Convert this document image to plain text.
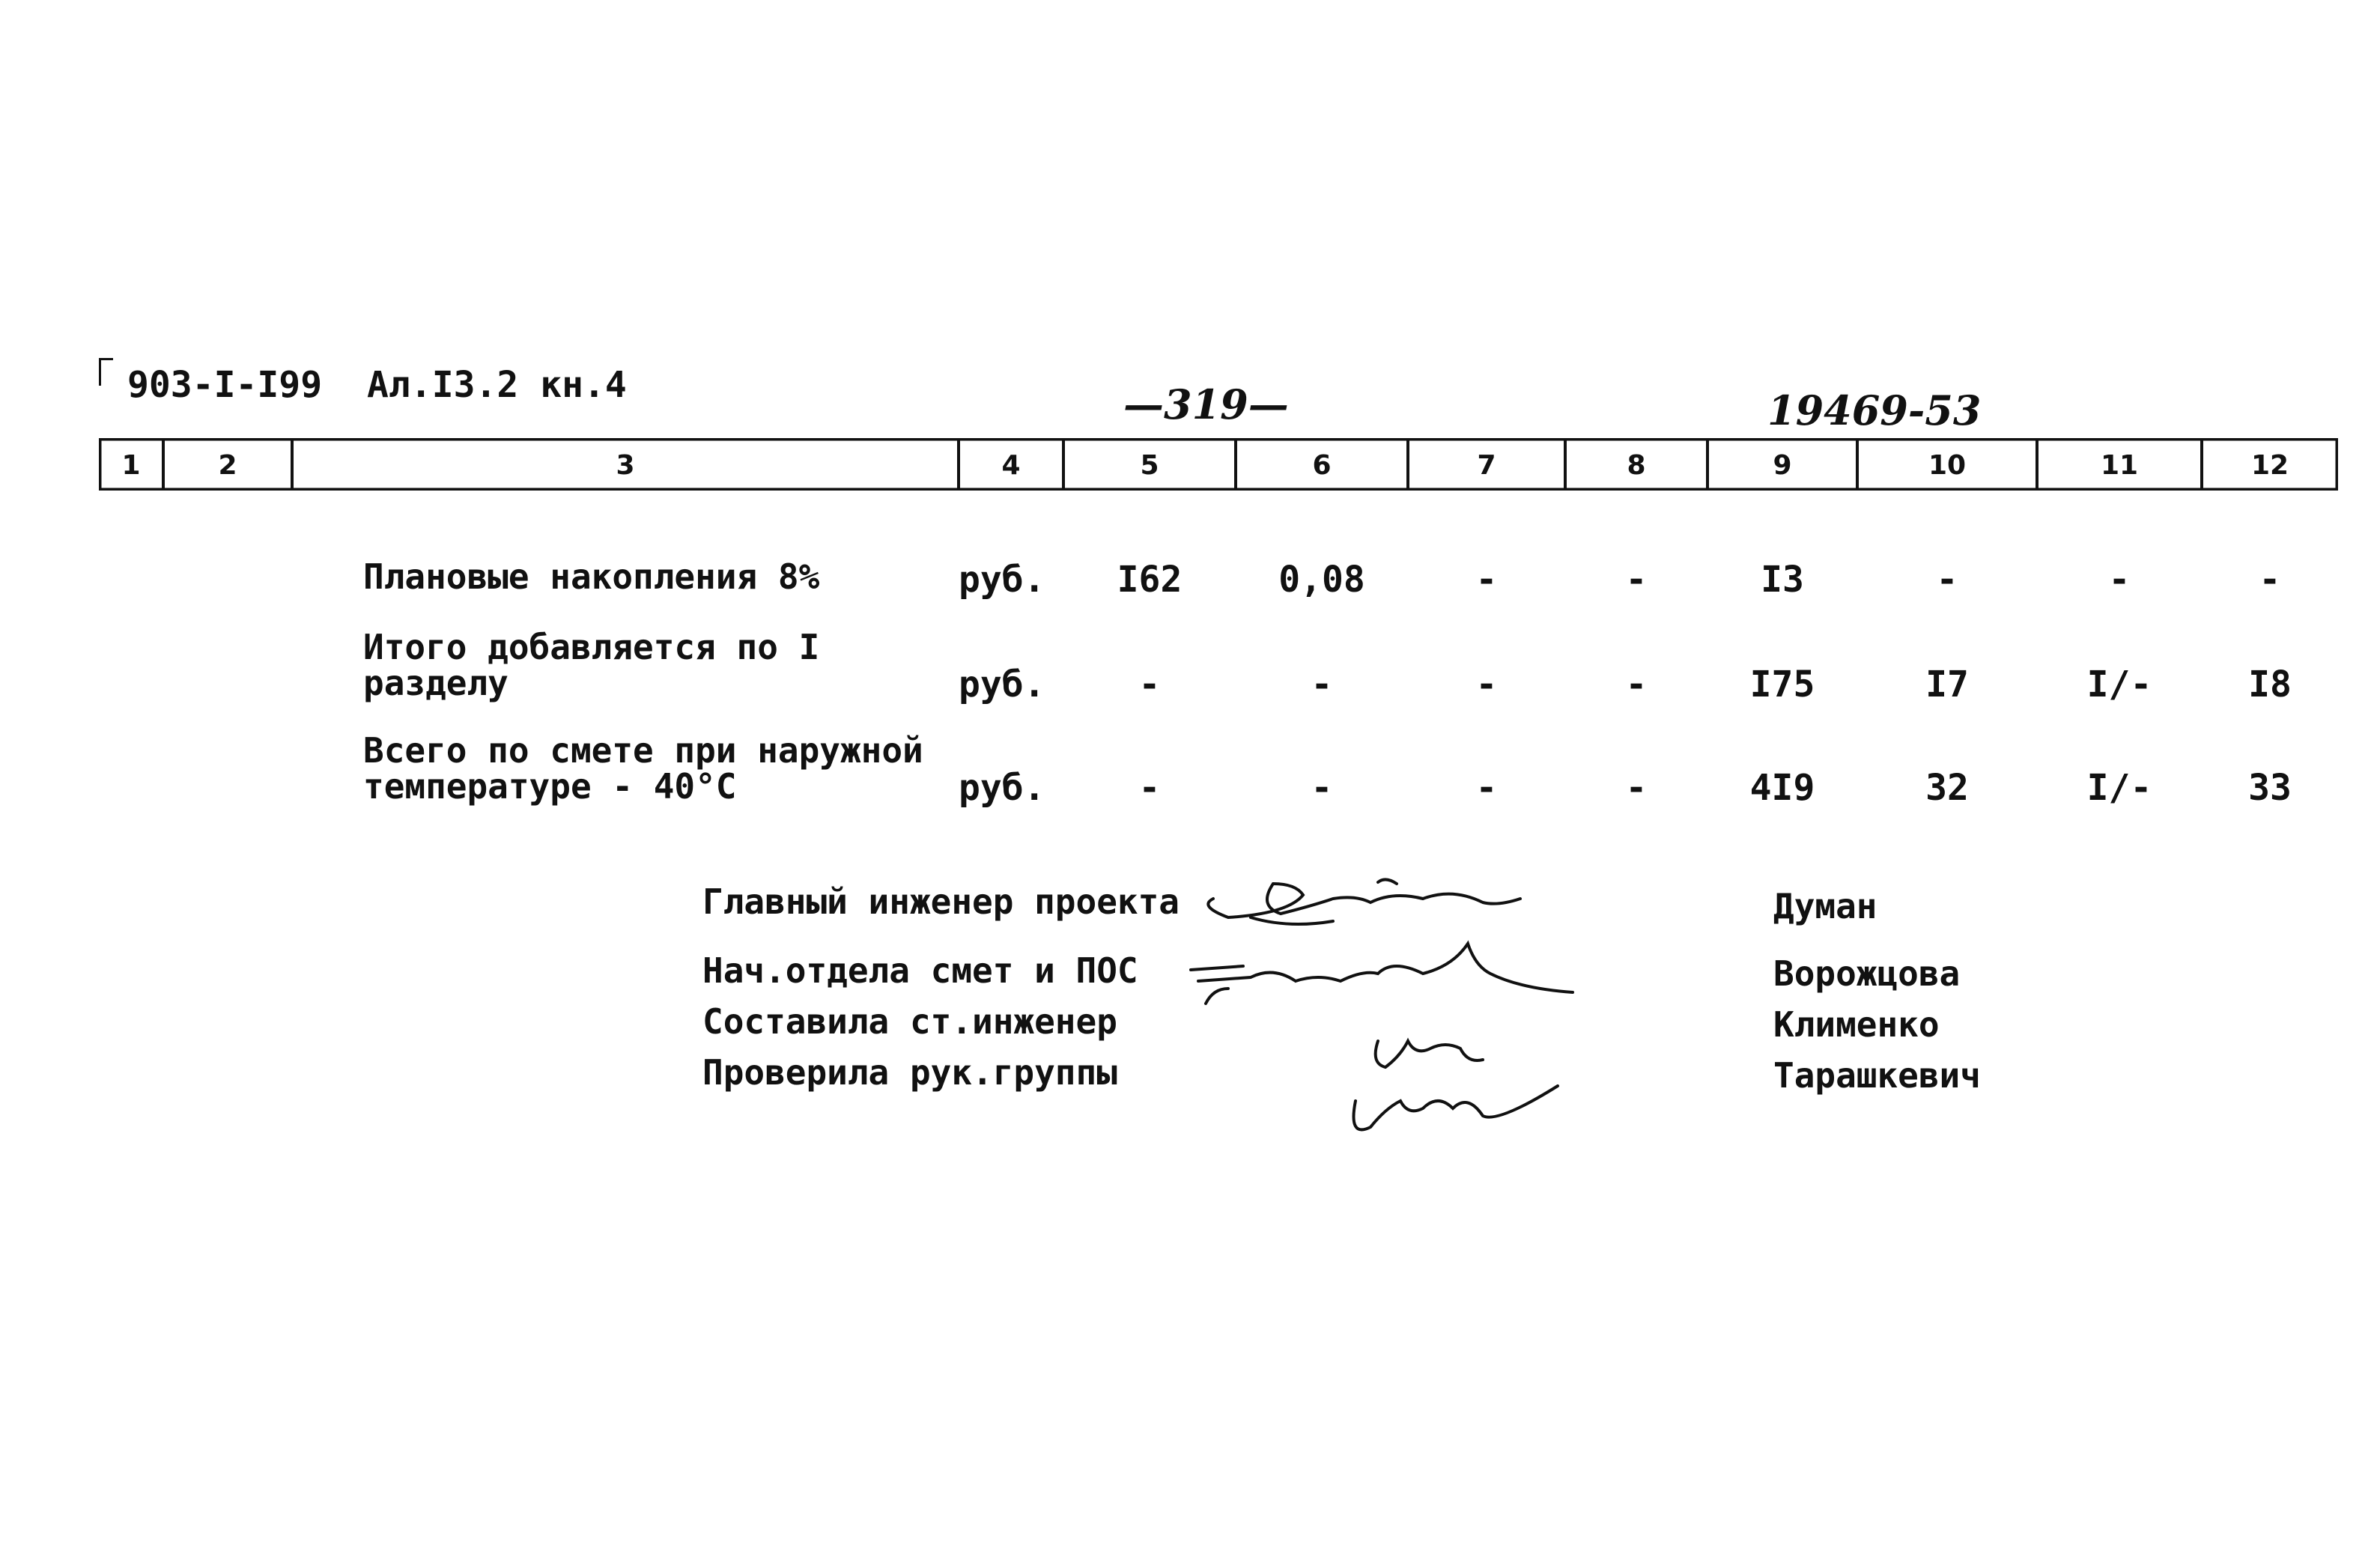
903-I-I99 Ал.I3.2 кн.4	—319—	19469-53
1	2	3	4	5	6	7	8	9	10	11	12
Плановые накопления 8%	руб.	I62	0,08	-	-	I3	-	-	-
Итого добавляется по I
разделу	руб.	-	-	-	-	I75	I7	I/-	I8
Всего по смете при наружной
температуре - 40°C	руб.	-	-	-	-	4I9	32	I/-	33
Главный инженер проекта	Думан
Нач.отдела смет и ПОС	Ворожцова
Составила ст.инженер	Клименко
Проверила рук.группы	Тарашкевич
